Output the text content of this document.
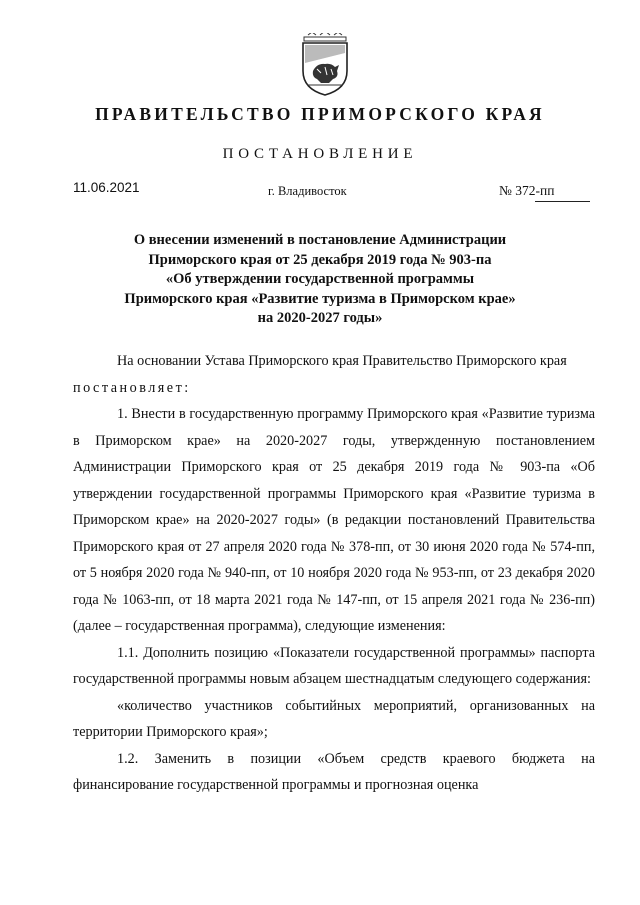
ПРАВИТЕЛЬСТВО ПРИМОРСКОГО КРАЯ
ПОСТАНОВЛЕНИЕ
11.06.2021	г. Владивосток	№ 372-пп
О внесении изменений в постановление Администрации
Приморского края от 25 декабря 2019 года № 903-па
«Об утверждении государственной программы
Приморского края «Развитие туризма в Приморском крае»
на 2020-2027 годы»

На основании Устава Приморского края Правительство Приморского края

постановляет:

1. Внести в государственную программу Приморского края «Развитие туризма в Приморском крае» на 2020-2027 годы, утвержденную постановлением Администрации Приморского края от 25 декабря 2019 года № 903-па «Об утверждении государственной программы Приморского края «Развитие туризма в Приморском крае» на 2020-2027 годы» (в редакции постановлений Правительства Приморского края от 27 апреля 2020 года № 378-пп, от 30 июня 2020 года № 574-пп, от 5 ноября 2020 года № 940-пп, от 10 ноября 2020 года № 953-пп, от 23 декабря 2020 года № 1063-пп, от 18 марта 2021 года № 147-пп, от 15 апреля 2021 года № 236-пп) (далее – государственная программа), следующие изменения:

1.1. Дополнить позицию «Показатели государственной программы» паспорта государственной программы новым абзацем шестнадцатым следующего содержания:

«количество участников событийных мероприятий, организованных на территории Приморского края»;

1.2. Заменить в позиции «Объем средств краевого бюджета на финансирование государственной программы и прогнозная оценка
